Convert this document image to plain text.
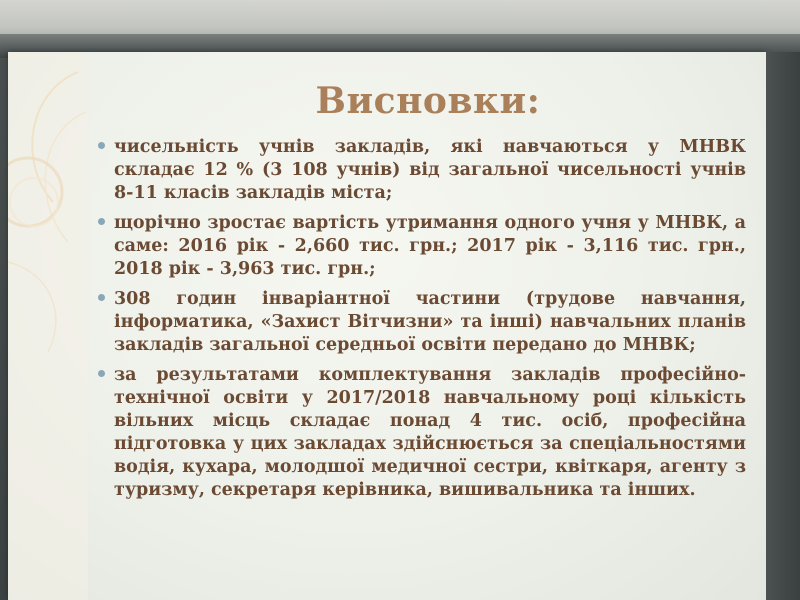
Висновки:
чисельність учнів закладів, які навчаються у МНВК складає 12 % (3 108 учнів) від загальної чисельності учнів 8-11 класів закладів міста;
щорічно зростає вартість утримання одного учня у МНВК, а саме: 2016 рік - 2,660 тис. грн.; 2017 рік - 3,116 тис. грн., 2018 рік - 3,963 тис. грн.;
308 годин інваріантної частини (трудове навчання, інформатика, «Захист Вітчизни» та інші) навчальних планів закладів загальної середньої освіти передано до МНВК;
за результатами комплектування закладів професійно-технічної освіти у 2017/2018 навчальному році кількість вільних місць складає понад 4 тис. осіб, професійна підготовка у цих закладах здійснюється за спеціальностями водія, кухара, молодшої медичної сестри, квіткаря, агенту з туризму, секретаря керівника, вишивальника та інших.
